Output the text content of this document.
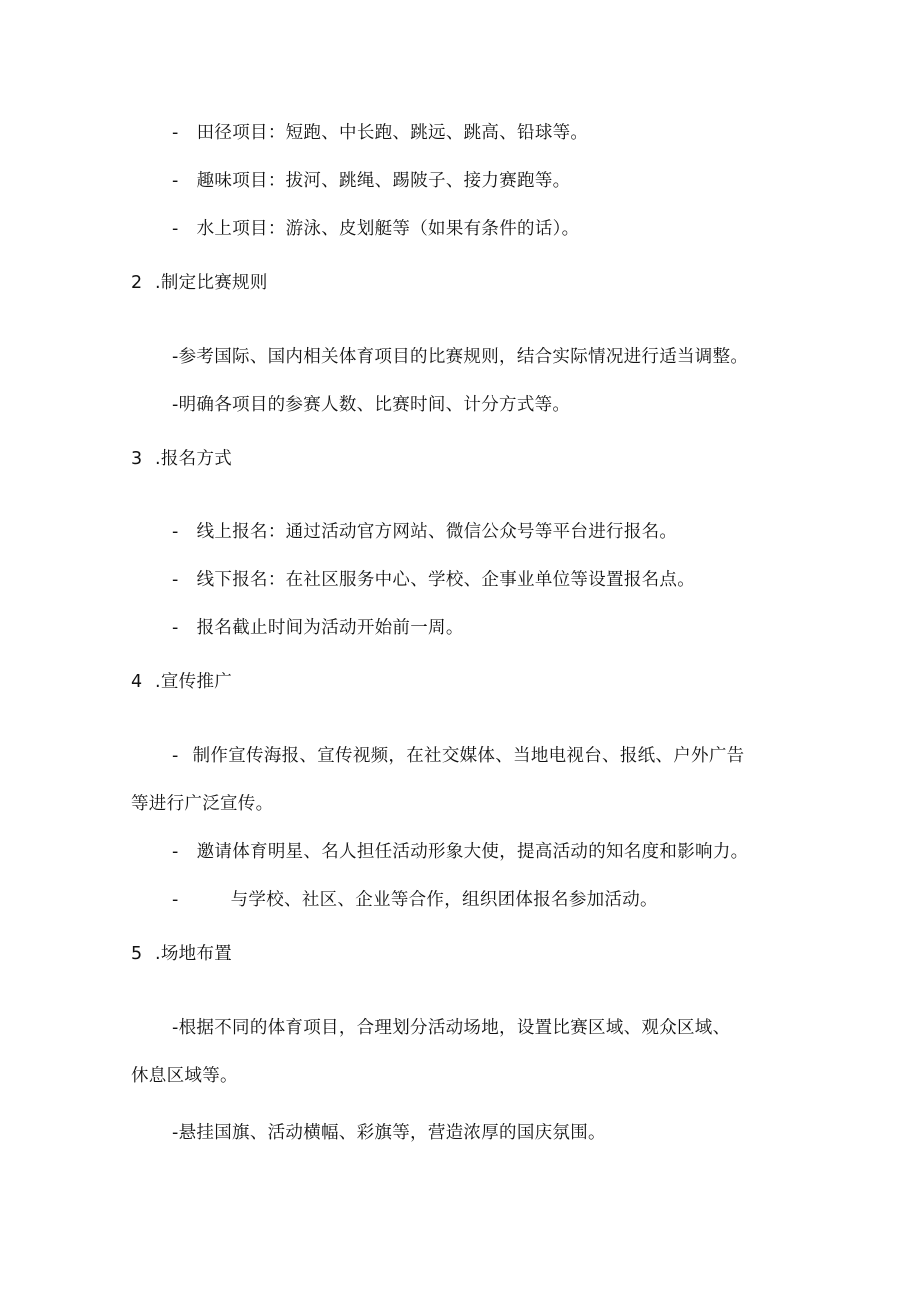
- 田径项目：短跑、中长跑、跳远、跳高、铅球等。
- 趣味项目：拔河、跳绳、踢陂子、接力赛跑等。
- 水上项目：游泳、皮划艇等（如果有条件的话）。
2 .制定比赛规则
-参考国际、国内相关体育项目的比赛规则，结合实际情况进行适当调整。
-明确各项目的参赛人数、比赛时间、计分方式等。
3 .报名方式
- 线上报名：通过活动官方网站、微信公众号等平台进行报名。
- 线下报名：在社区服务中心、学校、企事业单位等设置报名点。
- 报名截止时间为活动开始前一周。
4 .宣传推广
- 制作宣传海报、宣传视频，在社交媒体、当地电视台、报纸、户外广告
等进行广泛宣传。
- 邀请体育明星、名人担任活动形象大使，提高活动的知名度和影响力。
-	与学校、社区、企业等合作，组织团体报名参加活动。
5 .场地布置
-根据不同的体育项目，合理划分活动场地，设置比赛区域、观众区域、
休息区域等。
-悬挂国旗、活动横幅、彩旗等，营造浓厚的国庆氛围。
